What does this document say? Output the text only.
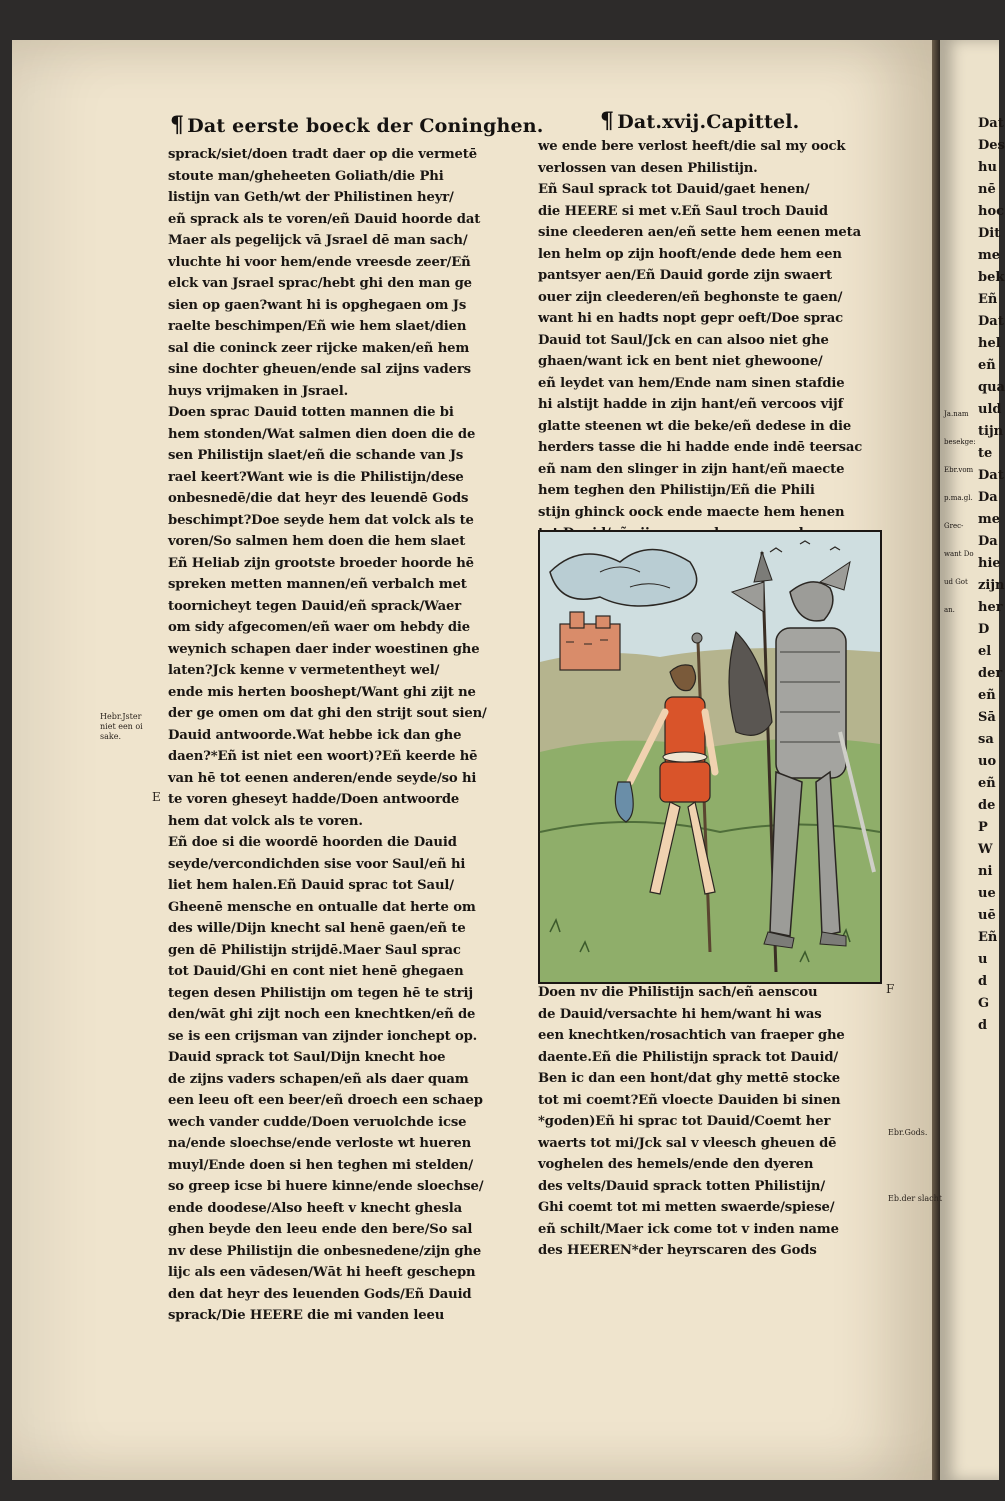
Dat
Des
hu
nē
hoc
Dit
me
bek
Eñ
Dat
hel
eñ
qua
uld
tijn
te
Dat
Da
me
Da
hie
zijn
her
D
el
der
eñ
Sā
sa
uo
eñ
de
P
W
ni
ue
uē
Eñ
u
d
G
d
Ja.nam
besekge:
Ebr.vom
p.ma.gl.
Grec-
want Do
ud Got
an.
¶ Dat eerste boeck der Coninghen.	¶ Dat.xvij.Capittel.
sprack/siet/doen tradt daer op die vermetē
stoute man/gheheeten Goliath/die Phi
listijn van Geth/wt der Philistinen heyr/
eñ sprack als te voren/eñ Dauid hoorde dat
Maer als pegelijck vā Jsrael dē man sach/
vluchte hi voor hem/ende vreesde zeer/Eñ
elck van Jsrael sprac/hebt ghi den man ge
sien op gaen?want hi is opghegaen om Js
raelte beschimpen/Eñ wie hem slaet/dien
sal die coninck zeer rijcke maken/eñ hem
sine dochter gheuen/ende sal zijns vaders
huys vrijmaken in Jsrael.
Doen sprac Dauid totten mannen die bi
hem stonden/Wat salmen dien doen die de
sen Philistijn slaet/eñ die schande van Js
rael keert?Want wie is die Philistijn/dese
onbesnedē/die dat heyr des leuendē Gods
beschimpt?Doe seyde hem dat volck als te
voren/So salmen hem doen die hem slaet
Eñ Heliab zijn grootste broeder hoorde hē
spreken metten mannen/eñ verbalch met
toornicheyt tegen Dauid/eñ sprack/Waer
om sidy afgecomen/eñ waer om hebdy die
weynich schapen daer inder woestinen ghe
laten?Jck kenne v vermetentheyt wel/
ende mis herten booshept/Want ghi zijt ne
der ge omen om dat ghi den strijt sout sien/
Dauid antwoorde.Wat hebbe ick dan ghe
daen?*Eñ ist niet een woort)?Eñ keerde hē
van hē tot eenen anderen/ende seyde/so hi
te voren gheseyt hadde/Doen antwoorde
hem dat volck als te voren.
Eñ doe si die woordē hoorden die Dauid
seyde/vercondichden sise voor Saul/eñ hi
liet hem halen.Eñ Dauid sprac tot Saul/
Gheenē mensche en ontualle dat herte om
des wille/Dijn knecht sal henē gaen/eñ te
gen dē Philistijn strijdē.Maer Saul sprac
tot Dauid/Ghi en cont niet henē ghegaen
tegen desen Philistijn om tegen hē te strij
den/wāt ghi zijt noch een knechtken/eñ de
se is een crijsman van zijnder ionchept op.
Dauid sprack tot Saul/Dijn knecht hoe
de zijns vaders schapen/eñ als daer quam
een leeu oft een beer/eñ droech een schaep
wech vander cudde/Doen veruolchde icse
na/ende sloechse/ende verloste wt hueren
muyl/Ende doen si hen teghen mi stelden/
so greep icse bi huere kinne/ende sloechse/
ende doodese/Also heeft v knecht ghesla
ghen beyde den leeu ende den bere/So sal
nv dese Philistijn die onbesnedene/zijn ghe
lijc als een vādesen/Wāt hi heeft geschepn
den dat heyr des leuenden Gods/Eñ Dauid
sprack/Die HEERE die mi vanden leeu
we ende bere verlost heeft/die sal my oock
verlossen van desen Philistijn.
Eñ Saul sprack tot Dauid/gaet henen/
die HEERE si met v.Eñ Saul troch Dauid
sine cleederen aen/eñ sette hem eenen meta
len helm op zijn hooft/ende dede hem een
pantsyer aen/Eñ Dauid gorde zijn swaert
ouer zijn cleederen/eñ beghonste te gaen/
want hi en hadts nopt gepr oeft/Doe sprac
Dauid tot Saul/Jck en can alsoo niet ghe
ghaen/want ick en bent niet ghewoone/
eñ leydet van hem/Ende nam sinen stafdie
hi alstijt hadde in zijn hant/eñ vercoos vijf
glatte steenen wt die beke/eñ dedese in die
herders tasse die hi hadde ende indē teersac
eñ nam den slinger in zijn hant/eñ maecte
hem teghen den Philistijn/Eñ die Phili
stijn ghinck oock ende maecte hem henen
Doen nv die Philistijn sach/eñ aenscou
de Dauid/versachte hi hem/want hi was
een knechtken/rosachtich van fraeper ghe
daente.Eñ die Philistijn sprack tot Dauid/
Ben ic dan een hont/dat ghy mettē stocke
tot mi coemt?Eñ vloecte Dauiden bi sinen
*goden)Eñ hi sprac tot Dauid/Coemt her
waerts tot mi/Jck sal v vleesch gheuen dē
voghelen des hemels/ende den dyeren
des velts/Dauid sprack totten Philistijn/
Ghi coemt tot mi metten swaerde/spiese/
eñ schilt/Maer ick come tot v inden name
des HEEREN*der heyrscaren des Gods
Hebr.Jster
niet een oi
sake.
Ebr.Gods.
Eb.der slacht
F
E
